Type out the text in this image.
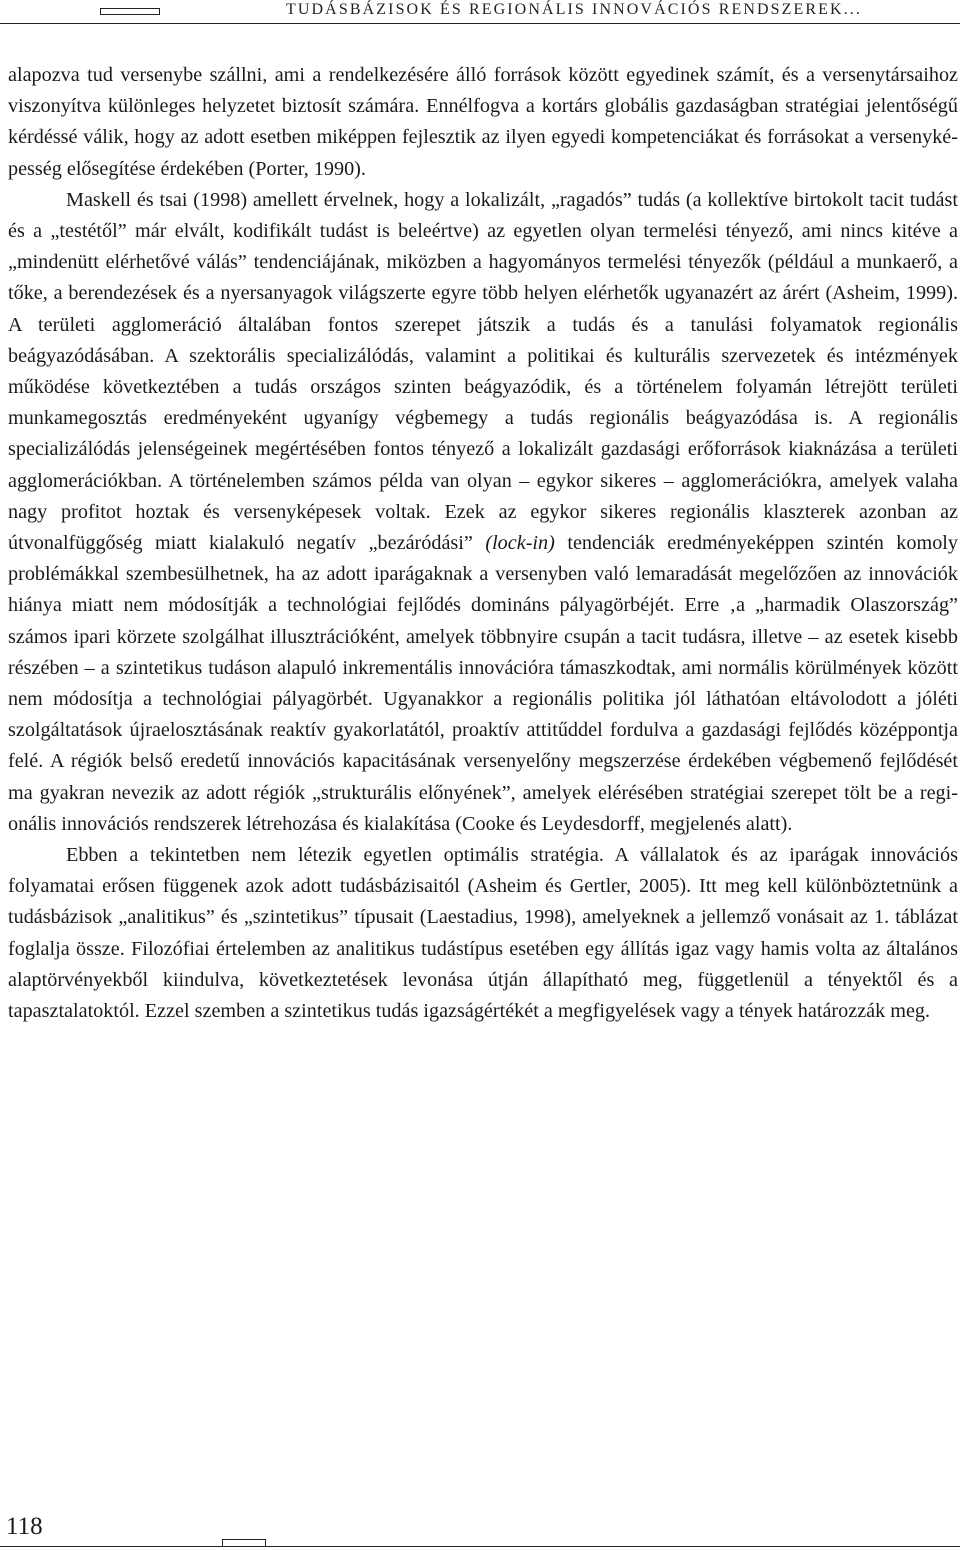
TUDÁSBÁZISOK ÉS REGIONÁLIS INNOVÁCIÓS RENDSZEREK...

alapozva tud versenybe szállni, ami a rendelkezésére álló források között egyedinek számít, és a versenytársaihoz viszonyítva különleges helyzetet biztosít számára. Ennélfogva a kortárs globális gazdaságban stratégiai jelentőségű kérdéssé válik, hogy az adott esetben miképpen fejlesztik az ilyen egyedi kompetenciákat és forrásokat a versenyképesség elősegítése érdekében (Porter, 1990).

Maskell és tsai (1998) amellett érvelnek, hogy a lokalizált, „ragadós” tudás (a kollektíve birtokolt tacit tudást és a „testétől” már elvált, kodifikált tudást is beleértve) az egyetlen olyan termelési tényező, ami nincs kitéve a „mindenütt elérhetővé válás” tendenciájának, miközben a hagyományos termelési tényezők (például a munkaerő, a tőke, a berendezések és a nyersanyagok világszerte egyre több helyen elérhetők ugyanazért az árért (Asheim, 1999). A területi agglomeráció általában fontos szerepet játszik a tudás és a tanulási folyamatok regionális beágyazódásában. A szektorális specializálódás, valamint a politikai és kulturális szervezetek és intézmények működése következtében a tudás országos szinten beágyazódik, és a történelem folyamán létrejött területi munkamegosztás eredményeként ugyanígy végbemegy a tudás regionális beágyazódása is. A regionális specializálódás jelenségeinek megértésében fontos tényező a lokalizált gazdasági erőforrások kiaknázása a területi agglomerációkban. A történelemben számos példa van olyan – egykor sikeres – agglomerációkra, amelyek valaha nagy profitot hoztak és versenyképesek voltak. Ezek az egykor sikeres regionális klaszterek azonban az útvonalfüggőség miatt kialakuló negatív „bezáródási” (lock-in) tendenciák eredményeképpen szintén komoly problémákkal szembesülhetnek, ha az adott iparágaknak a versenyben való lemaradását megelőzően az innovációk hiánya miatt nem módosítják a technológiai fejlődés domináns pályagörbéjét. Erre ‚a „harmadik Olaszország” számos ipari körzete szolgálhat illusztrációként, amelyek többnyire csupán a tacit tudásra, illetve – az esetek kisebb részében – a szintetikus tudáson alapuló inkrementális innovációra támaszkodtak, ami normális körülmények között nem módosítja a technológiai pályagörbét. Ugyanakkor a regionális politika jól láthatóan eltávolodott a jóléti szolgáltatások újraelosztásának reaktív gyakorlatától, proaktív attitűddel fordulva a gazdasági fejlődés középpontja felé. A régiók belső eredetű innovációs kapacitásának versenyelőny megszerzése érdekében végbemenő fejlődését ma gyakran nevezik az adott régiók „strukturális előnyének”, amelyek elérésében stratégiai szerepet tölt be a regionális innovációs rendszerek létrehozása és kialakítása (Cooke és Leydesdorff, megjelenés alatt).

Ebben a tekintetben nem létezik egyetlen optimális stratégia. A vállalatok és az iparágak innovációs folyamatai erősen függenek azok adott tudásbázisaitól (Asheim és Gertler, 2005). Itt meg kell különböztetnünk a tudásbázisok „analitikus” és „szintetikus” típusait (Laestadius, 1998), amelyeknek a jellemző vonásait az 1. táblázat foglalja össze. Filozófiai értelemben az analitikus tudástípus esetében egy állítás igaz vagy hamis volta az általános alaptörvényekből kiindulva, következtetések levonása útján állapítható meg, függetlenül a tényektől és a tapasztalatoktól. Ezzel szemben a szintetikus tudás igazságértékét a megfigyelések vagy a tények határozzák meg.

118
